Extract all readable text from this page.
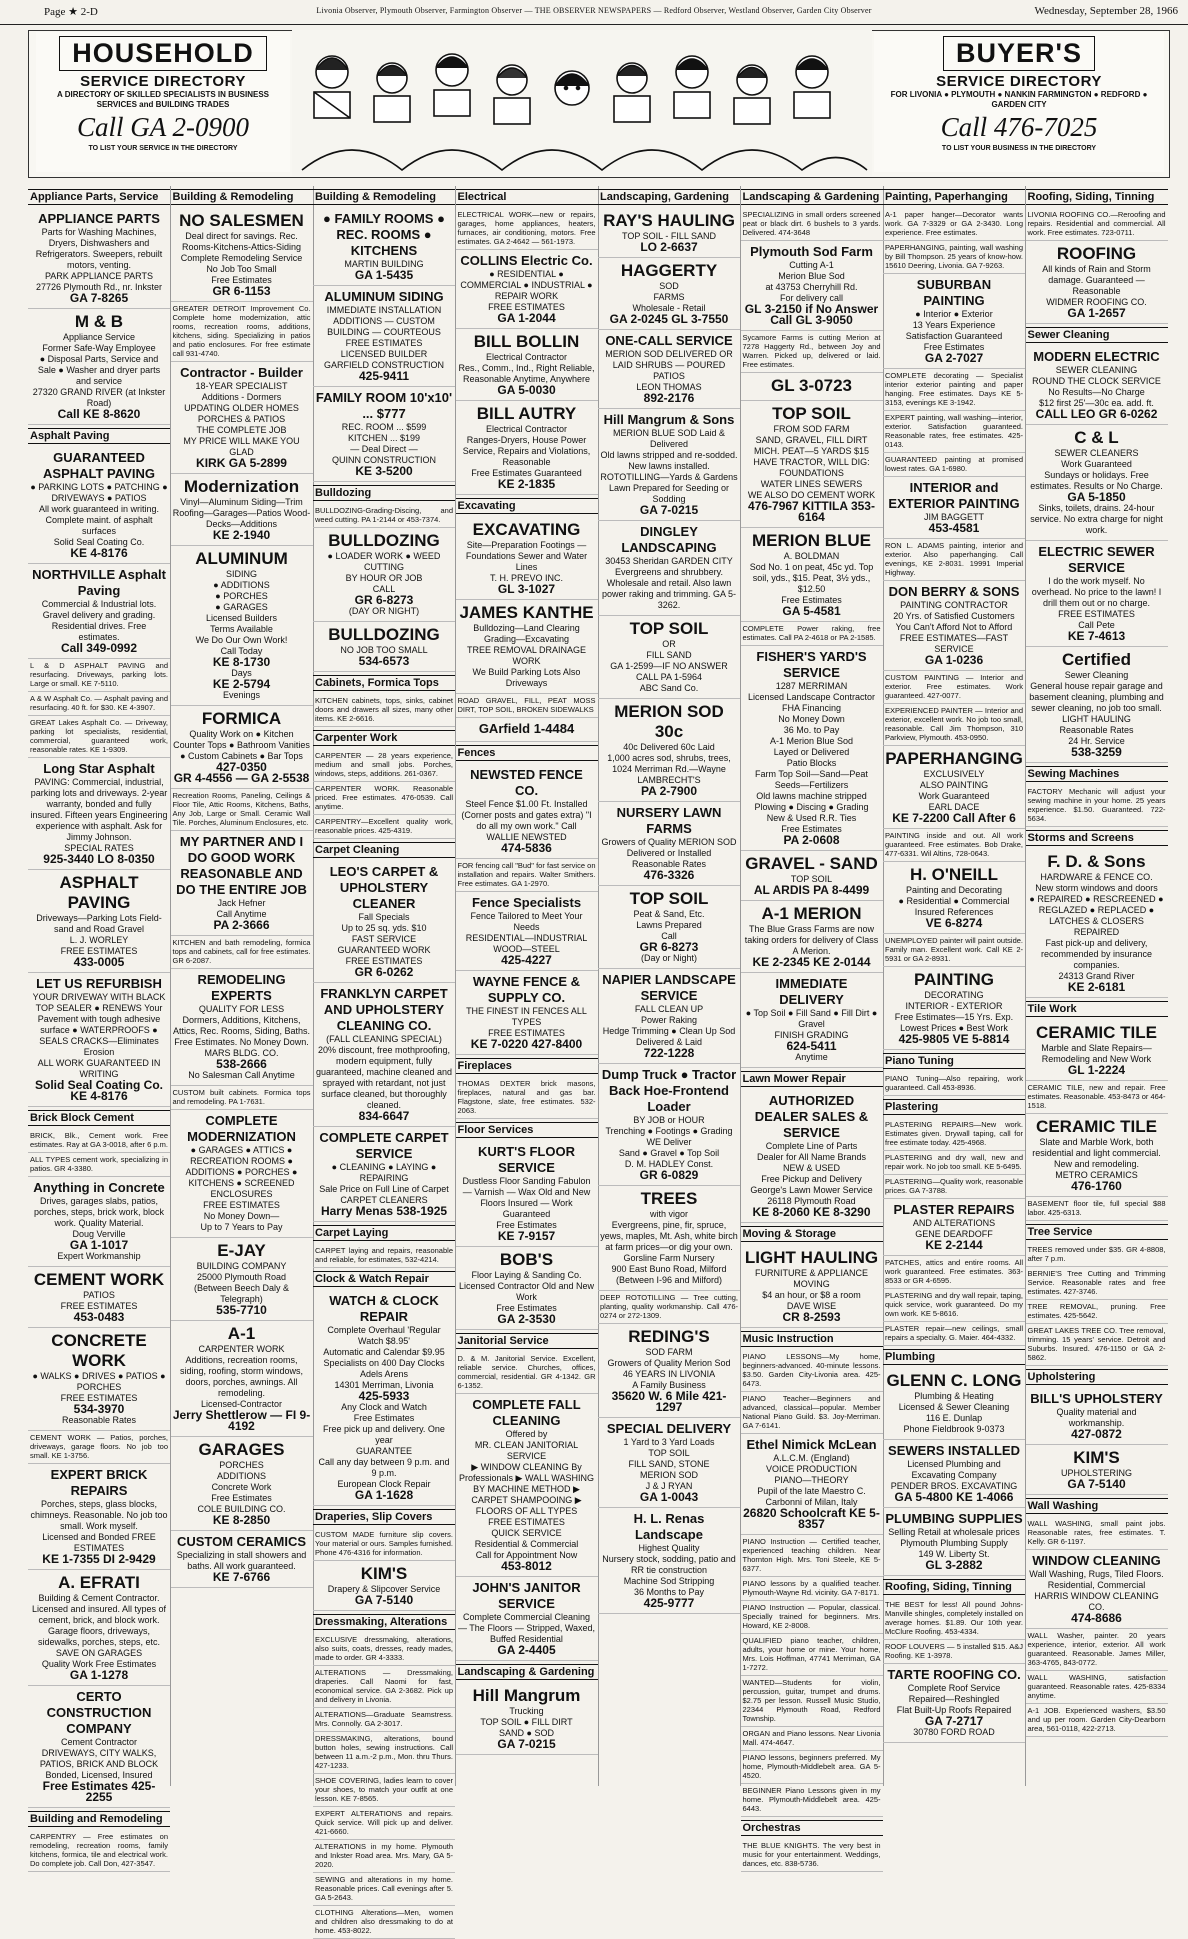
Page ★ 2-D	Livonia Observer, Plymouth Observer, Farmington Observer — THE OBSERVER NEWSPAPERS — Redford Observer, Westland Observer, Garden City Observer	Wednesday, September 28, 1966
HOUSEHOLD
SERVICE DIRECTORY
A DIRECTORY OF SKILLED SPECIALISTS IN BUSINESS SERVICES and BUILDING TRADES
Call GA 2-0900
TO LIST YOUR SERVICE IN THE DIRECTORY
BUYER'S
SERVICE DIRECTORY
FOR LIVONIA ● PLYMOUTH ● NANKIN FARMINGTON ● REDFORD ● GARDEN CITY
Call 476-7025
TO LIST YOUR BUSINESS IN THE DIRECTORY
Appliance Parts, Service
APPLIANCE PARTS
Parts for Washing Machines, Dryers, Dishwashers and Refrigerators. Sweepers, rebuilt motors, venting.
PARK APPLIANCE PARTS
27726 Plymouth Rd., nr. Inkster
GA 7-8265
M & B
Appliance Service
Former Safe-Way Employee
● Disposal Parts, Service and Sale ● Washer and dryer parts and service
27320 GRAND RIVER (at Inkster Road)
Call KE 8-8620
Asphalt Paving
GUARANTEED ASPHALT PAVING
● PARKING LOTS ● PATCHING ● DRIVEWAYS ● PATIOS
All work guaranteed in writing. Complete maint. of asphalt surfaces
Solid Seal Coating Co.
KE 4-8176
NORTHVILLE Asphalt Paving
Commercial & Industrial lots. Gravel delivery and grading. Residential drives. Free estimates.
Call 349-0992
L & D ASPHALT PAVING and resurfacing. Driveways, parking lots. Large or small. KE 7-5110.
A & W Asphalt Co. — Asphalt paving and resurfacing. 40 ft. for $30. KE 4-3907.
GREAT Lakes Asphalt Co. — Driveway, parking lot specialists, residential, commercial, guaranteed work, reasonable rates. KE 1-9309.
Long Star Asphalt
PAVING: Commercial, industrial, parking lots and driveways. 2-year warranty, bonded and fully insured. Fifteen years Engineering experience with asphalt. Ask for Jimmy Johnson.
SPECIAL RATES
925-3440 LO 8-0350
ASPHALT PAVING
Driveways—Parking Lots Field-sand and Road Gravel
L. J. WORLEY
FREE ESTIMATES
433-0005
LET US REFURBISH
YOUR DRIVEWAY WITH BLACK TOP SEALER ● RENEWS Your Pavement with tough adhesive surface ● WATERPROOFS ● SEALS CRACKS—Eliminates Erosion
ALL WORK GUARANTEED IN WRITING
Solid Seal Coating Co. KE 4-8176
Brick Block Cement
BRICK, Blk., Cement work. Free estimates. Ray at GA 3-0018, after 6 p.m.
ALL TYPES cement work, specializing in patios. GR 4-3380.
Anything in Concrete
Drives, garages slabs, patios, porches, steps, brick work, block work. Quality Material.
Doug Verville
GA 1-1017
Expert Workmanship
CEMENT WORK
PATIOS
FREE ESTIMATES
453-0483
CONCRETE WORK
● WALKS ● DRIVES ● PATIOS ● PORCHES
FREE ESTIMATES
534-3970
Reasonable Rates
CEMENT WORK — Patios, porches, driveways, garage floors. No job too small. KE 1-3756.
EXPERT BRICK REPAIRS
Porches, steps, glass blocks, chimneys. Reasonable. No job too small. Work myself.
Licensed and Bonded FREE ESTIMATES
KE 1-7355 DI 2-9429
A. EFRATI
Building & Cement Contractor. Licensed and insured. All types of cement, brick, and block work. Garage floors, driveways, sidewalks, porches, steps, etc.
SAVE ON GARAGES
Quality Work Free Estimates
GA 1-1278
CERTO CONSTRUCTION COMPANY
Cement Contractor
DRIVEWAYS, CITY WALKS, PATIOS, BRICK AND BLOCK
Bonded, Licensed, Insured
Free Estimates 425-2255
Building and Remodeling
CARPENTRY — Free estimates on remodeling, recreation rooms, family kitchens, formica, tile and electrical work. Do complete job. Call Don, 427-3547.
Building & Remodeling
NO SALESMEN
Deal direct for savings. Rec. Rooms-Kitchens-Attics-Siding
Complete Remodeling Service
No Job Too Small
Free Estimates
GR 6-1153
GREATER DETROIT Improvement Co. Complete home modernization, attic rooms, recreation rooms, additions, kitchens, siding. Specializing in patios and patio enclosures. For free estimate call 931-4740.
Contractor - Builder
18-YEAR SPECIALIST
Additions - Dormers
UPDATING OLDER HOMES PORCHES & PATIOS
THE COMPLETE JOB
MY PRICE WILL MAKE YOU GLAD
KIRK GA 5-2899
Modernization
Vinyl—Aluminum Siding—Trim Roofing—Garages—Patios Wood-Decks—Additions
KE 2-1940
ALUMINUM
SIDING
● ADDITIONS
● PORCHES
● GARAGES
Licensed Builders
Terms Available
We Do Our Own Work!
Call Today
KE 8-1730
Days
KE 2-5794
Evenings
FORMICA
Quality Work on ● Kitchen Counter Tops ● Bathroom Vanities ● Custom Cabinets ● Bar Tops
427-0350
GR 4-4556 — GA 2-5538
Recreation Rooms, Paneling, Ceilings & Floor Tile, Attic Rooms, Kitchens, Baths, Any Job, Large or Small. Ceramic Wall Tile. Porches, Aluminum Enclosures, etc.
MY PARTNER AND I DO GOOD WORK REASONABLE AND DO THE ENTIRE JOB
Jack Hefner
Call Anytime
PA 2-3666
KITCHEN and bath remodeling, formica tops and cabinets, call for free estimates. GR 6-2087.
REMODELING EXPERTS
QUALITY FOR LESS
Dormers, Additions, Kitchens, Attics, Rec. Rooms, Siding, Baths. Free Estimates. No Money Down.
MARS BLDG. CO.
538-2666
No Salesman Call Anytime
CUSTOM built cabinets. Formica tops and remodeling. PA 1-7631.
COMPLETE MODERNIZATION
● GARAGES ● ATTICS ● RECREATION ROOMS ● ADDITIONS ● PORCHES ● KITCHENS ● SCREENED ENCLOSURES
FREE ESTIMATES
No Money Down—
Up to 7 Years to Pay
E-JAY
BUILDING COMPANY
25000 Plymouth Road
(Between Beech Daly & Telegraph)
535-7710
A-1
CARPENTER WORK
Additions, recreation rooms, siding, roofing, storm windows, doors, porches, awnings. All remodeling.
Licensed-Contractor
Jerry Shettlerow — FI 9-4192
GARAGES
PORCHES
ADDITIONS
Concrete Work
Free Estimates
COLE BUILDING CO.
KE 8-2850
CUSTOM CERAMICS
Specializing in stall showers and baths. All work guaranteed.
KE 7-6766
Building & Remodeling
● FAMILY ROOMS ● REC. ROOMS ● KITCHENS
MARTIN BUILDING
GA 1-5435
ALUMINUM SIDING
IMMEDIATE INSTALLATION ADDITIONS — CUSTOM BUILDING — COURTEOUS FREE ESTIMATES
LICENSED BUILDER
GARFIELD CONSTRUCTION
425-9411
FAMILY ROOM 10'x10' ... $777
REC. ROOM ... $599
KITCHEN ... $199
— Deal Direct —
QUINN CONSTRUCTION
KE 3-5200
Bulldozing
BULLDOZING-Grading-Discing, and weed cutting. PA 1-2144 or 453-7374.
BULLDOZING
● LOADER WORK ● WEED CUTTING
BY HOUR OR JOB
CALL
GR 6-8273
(DAY OR NIGHT)
BULLDOZING
NO JOB TOO SMALL
534-6573
Cabinets, Formica Tops
KITCHEN cabinets, tops, sinks, cabinet doors and drawers all sizes, many other items. KE 2-6616.
Carpenter Work
CARPENTER — 28 years experience, medium and small jobs. Porches, windows, steps, additions. 261-0367.
CARPENTER WORK. Reasonable priced. Free estimates. 476-0539. Call anytime.
CARPENTRY—Excellent quality work, reasonable prices. 425-4319.
Carpet Cleaning
LEO'S CARPET & UPHOLSTERY CLEANER
Fall Specials
Up to 25 sq. yds. $10
FAST SERVICE
GUARANTEED WORK
FREE ESTIMATES
GR 6-0262
FRANKLYN CARPET AND UPHOLSTERY CLEANING CO.
(FALL CLEANING SPECIAL)
20% discount, free mothproofing, modern equipment, fully guaranteed, machine cleaned and sprayed with retardant, not just surface cleaned, but thoroughly cleaned.
834-6647
COMPLETE CARPET SERVICE
● CLEANING ● LAYING ● REPAIRING
Sale Price on Full Line of Carpet
CARPET CLEANERS
Harry Menas 538-1925
Carpet Laying
CARPET laying and repairs, reasonable and reliable, for estimates, 532-4214.
Clock & Watch Repair
WATCH & CLOCK REPAIR
Complete Overhaul 'Regular Watch $8.95'
Automatic and Calendar $9.95
Specialists on 400 Day Clocks
Adels Arens
14301 Merriman, Livonia
425-5933
Any Clock and Watch
Free Estimates
Free pick up and delivery. One year
GUARANTEE
Call any day between 9 p.m. and 9 p.m.
European Clock Repair
GA 1-1628
Draperies, Slip Covers
CUSTOM MADE furniture slip covers. Your material or ours. Samples furnished. Phone 476-4316 for information.
KIM'S
Drapery & Slipcover Service
GA 7-5140
Dressmaking, Alterations
EXCLUSIVE dressmaking, alterations, also suits, coats, dresses, ready mades, made to order. GR 4-3333.
ALTERATIONS — Dressmaking, draperies. Call Naomi for fast, economical service. GA 2-3682. Pick up and delivery in Livonia.
ALTERATIONS—Graduate Seamstress. Mrs. Connolly. GA 2-3017.
DRESSMAKING, alterations, bound button holes, sewing instructions. Call between 11 a.m.-2 p.m., Mon. thru Thurs. 427-1233.
SHOE COVERING, ladies learn to cover your shoes, to match your outfit at one lesson. KE 7-8565.
EXPERT ALTERATIONS and repairs. Quick service. Will pick up and deliver. 421-6660.
ALTERATIONS in my home. Plymouth and Inkster Road area. Mrs. Mary, GA 5-2020.
SEWING and alterations in my home. Reasonable prices. Call evenings after 5. GA 5-2643.
CLOTHING Alterations—Men, women and children also dressmaking to do at home. 453-8022.
Electrical
ELECTRICAL WORK—new or repairs, garages, home appliances, heaters, furnaces, air conditioning, motors. Free estimates. GA 2-4642 — 561-1973.
COLLINS Electric Co.
● RESIDENTIAL ● COMMERCIAL ● INDUSTRIAL ● REPAIR WORK
FREE ESTIMATES
GA 1-2044
BILL BOLLIN
Electrical Contractor
Res., Comm., Ind., Right Reliable, Reasonable Anytime, Anywhere
GA 5-0030
BILL AUTRY
Electrical Contractor
Ranges-Dryers, House Power Service, Repairs and Violations, Reasonable
Free Estimates Guaranteed
KE 2-1835
Excavating
EXCAVATING
Site—Preparation Footings — Foundations Sewer and Water Lines
T. H. PREVO INC.
GL 3-1027
JAMES KANTHE
Bulldozing—Land Clearing Grading—Excavating
TREE REMOVAL DRAINAGE WORK
We Build Parking Lots Also Driveways
ROAD GRAVEL, FILL, PEAT MOSS DIRT, TOP SOIL, BROKEN SIDEWALKS
GArfield 1-4484
Fences
NEWSTED FENCE CO.
Steel Fence $1.00 Ft. Installed (Corner posts and gates extra) "I do all my own work." Call
WALLIE NEWSTED
474-5836
FOR fencing call "Bud" for fast service on installation and repairs. Walter Smithers. Free estimates. GA 1-2970.
Fence Specialists
Fence Tailored to Meet Your Needs
RESIDENTIAL—INDUSTRIAL WOOD—STEEL
425-4227
WAYNE FENCE & SUPPLY CO.
THE FINEST IN FENCES ALL TYPES
FREE ESTIMATES
KE 7-0220 427-8400
Fireplaces
THOMAS DEXTER brick masons, fireplaces, natural and gas bar. Flagstone, slate, free estimates. 532-2063.
Floor Services
KURT'S FLOOR SERVICE
Dustless Floor Sanding Fabulon — Varnish — Wax Old and New Floors Insured — Work Guaranteed
Free Estimates
KE 7-9157
BOB'S
Floor Laying & Sanding Co. Licensed Contractor Old and New Work
Free Estimates
GA 2-3530
Janitorial Service
D. & M. Janitorial Service. Excellent, reliable service. Churches, offices, commercial, residential. GR 4-1342. GR 6-1352.
COMPLETE FALL CLEANING
Offered by
MR. CLEAN JANITORIAL SERVICE
▶ WINDOW CLEANING By Professionals ▶ WALL WASHING BY MACHINE METHOD ▶ CARPET SHAMPOOING ▶ FLOORS OF ALL TYPES
FREE ESTIMATES
QUICK SERVICE
Residential & Commercial
Call for Appointment Now
453-8012
JOHN'S JANITOR SERVICE
Complete Commercial Cleaning — The Floors — Stripped, Waxed, Buffed Residential
GA 2-4405
Landscaping & Gardening
Hill Mangrum
Trucking
TOP SOIL ● FILL DIRT
SAND ● SOD
GA 7-0215
Landscaping, Gardening
RAY'S HAULING
TOP SOIL - FILL SAND
LO 2-6637
HAGGERTY
SOD
FARMS
Wholesale - Retail
GA 2-0245 GL 3-7550
ONE-CALL SERVICE
MERION SOD DELIVERED OR LAID SHRUBS — POURED PATIOS
LEON THOMAS
892-2176
Hill Mangrum & Sons
MERION BLUE SOD Laid & Delivered
Old lawns stripped and re-sodded. New lawns installed.
ROTOTILLING—Yards & Gardens
Lawn Prepared for Seeding or Sodding
GA 7-0215
DINGLEY LANDSCAPING
30453 Sheridan GARDEN CITY
Evergreens and shrubbery. Wholesale and retail. Also lawn power raking and trimming. GA 5-3262.
TOP SOIL
OR
FILL SAND
GA 1-2599—IF NO ANSWER CALL PA 1-5964
ABC Sand Co.
MERION SOD 30c
40c Delivered 60c Laid
1,000 acres sod, shrubs, trees, 1024 Merriman Rd.—Wayne
LAMBRECHT'S
PA 2-7900
NURSERY LAWN FARMS
Growers of Quality MERION SOD
Delivered or Installed
Reasonable Rates
476-3326
TOP SOIL
Peat & Sand, Etc.
Lawns Prepared
Call
GR 6-8273
(Day or Night)
NAPIER LANDSCAPE SERVICE
FALL CLEAN UP
Power Raking
Hedge Trimming ● Clean Up Sod Delivered & Laid
722-1228
Dump Truck ● Tractor Back Hoe-Frontend Loader
BY JOB or HOUR
Trenching ● Footings ● Grading
WE Deliver
Sand ● Gravel ● Top Soil
D. M. HADLEY Const.
GR 6-0829
TREES
with vigor
Evergreens, pine, fir, spruce, yews, maples, Mt. Ash, white birch at farm prices—or dig your own.
Gorsline Farm Nursery
900 East Buno Road, Milford (Between I-96 and Milford)
DEEP ROTOTILLING — Tree cutting, planting, quality workmanship. Call 476-0274 or 272-1309.
REDING'S
SOD FARM
Growers of Quality Merion Sod
46 YEARS IN LIVONIA
A Family Business
35620 W. 6 Mile 421-1297
SPECIAL DELIVERY
1 Yard to 3 Yard Loads
TOP SOIL
FILL SAND, STONE
MERION SOD
J & J RYAN
GA 1-0043
H. L. Renas Landscape
Highest Quality
Nursery stock, sodding, patio and RR tie construction
Machine Sod Stripping
36 Months to Pay
425-9777
Landscaping & Gardening
SPECIALIZING in small orders screened peat or black dirt. 6 bushels to 3 yards. Delivered. 474-3648
Plymouth Sod Farm
Cutting A-1
Merion Blue Sod
at 43753 Cherryhill Rd.
For delivery call
GL 3-2150 if No Answer
Call GL 3-9050
Sycamore Farms is cutting Merion at 7278 Haggerty Rd., between Joy and Warren. Picked up, delivered or laid. Free estimates.
GL 3-0723
TOP SOIL
FROM SOD FARM
SAND, GRAVEL, FILL DIRT
MICH. PEAT—5 YARDS $15
HAVE TRACTOR, WILL DIG:
FOUNDATIONS
WATER LINES SEWERS
WE ALSO DO CEMENT WORK
476-7967 KITTILA 353-6164
MERION BLUE
A. BOLDMAN
Sod No. 1 on peat, 45c yd. Top soil, yds., $15. Peat, 3½ yds., $12.50
Free Estimates
GA 5-4581
COMPLETE Power raking, free estimates. Call PA 2-4618 or PA 2-1585.
FISHER'S YARD'S SERVICE
1287 MERRIMAN
Licensed Landscape Contractor
FHA Financing
No Money Down
36 Mo. to Pay
A-1 Merion Blue Sod
Layed or Delivered
Patio Blocks
Farm Top Soil—Sand—Peat
Seeds—Fertilizers
Old lawns machine stripped
Plowing ● Discing ● Grading
New & Used R.R. Ties
Free Estimates
PA 2-0608
GRAVEL - SAND
TOP SOIL
AL ARDIS PA 8-4499
A-1 MERION
The Blue Grass Farms are now taking orders for delivery of Class A Merion.
KE 2-2345 KE 2-0144
IMMEDIATE DELIVERY
● Top Soil ● Fill Sand ● Fill Dirt ● Gravel
FINISH GRADING
624-5411
Anytime
Lawn Mower Repair
AUTHORIZED DEALER SALES & SERVICE
Complete Line of Parts
Dealer for All Name Brands
NEW & USED
Free Pickup and Delivery
George's Lawn Mower Service
26118 Plymouth Road
KE 8-2060 KE 8-3290
Moving & Storage
LIGHT HAULING
FURNITURE & APPLIANCE MOVING
$4 an hour, or $8 a room
DAVE WISE
CR 8-2593
Music Instruction
PIANO LESSONS—My home, beginners-advanced. 40-minute lessons. $3.50. Garden City-Livonia area. 425-6473.
PIANO Teacher—Beginners and advanced, classical—popular. Member National Piano Guild. $3. Joy-Merriman. GA 7-6141.
Ethel Nimick McLean
A.L.C.M. (England)
VOICE PRODUCTION
PIANO—THEORY
Pupil of the late Maestro C. Carbonni of Milan, Italy
26820 Schoolcraft KE 5-8357
PIANO Instruction — Certified teacher, experienced teaching children. Near Thornton High. Mrs. Toni Steele, KE 5-6377.
PIANO lessons by a qualified teacher. Plymouth-Wayne Rd. vicinity. GA 7-8171.
PIANO Instruction — Popular, classical. Specially trained for beginners. Mrs. Howard, KE 2-8008.
QUALIFIED piano teacher, children, adults, your home or mine. Your home, Mrs. Lois Hoffman, 47741 Merriman, GA 1-7272.
WANTED—Students for violin, percussion, guitar, trumpet and drums. $2.75 per lesson. Russell Music Studio, 22344 Plymouth Road, Redford Township.
ORGAN and Piano lessons. Near Livonia Mall. 474-4647.
PIANO lessons, beginners preferred. My home, Plymouth-Middlebelt area. GA 5-4520.
BEGINNER Piano Lessons given in my home. Plymouth-Middlebelt area. 425-6443.
Orchestras
THE BLUE KNIGHTS. The very best in music for your entertainment. Weddings, dances, etc. 838-5736.
Painting, Paperhanging
A-1 paper hanger—Decorator wants work. GA 7-3329 or GA 2-3430. Long experience. Free estimates.
PAPERHANGING, painting, wall washing by Bill Thompson. 25 years of know-how. 15610 Deering, Livonia. GA 7-9263.
SUBURBAN PAINTING
● Interior ● Exterior
13 Years Experience
Satisfaction Guaranteed
Free Estimates
GA 2-7027
COMPLETE decorating — Specialist interior exterior painting and paper hanging. Free estimates. Days KE 5-3153, evenings KE 3-1942.
EXPERT painting, wall washing—interior, exterior. Satisfaction guaranteed. Reasonable rates, free estimates. 425-0143.
GUARANTEED painting at promised lowest rates. GA 1-6980.
INTERIOR and EXTERIOR PAINTING
JIM BAGGETT
453-4581
RON L. ADAMS painting, interior and exterior. Also paperhanging. Call evenings, KE 2-8031. 19991 Imperial Highway.
DON BERRY & SONS
PAINTING CONTRACTOR
20 Yrs. of Satisfied Customers
You Can't Afford Not to Afford
FREE ESTIMATES—FAST SERVICE
GA 1-0236
CUSTOM PAINTING — Interior and exterior. Free estimates. Work guaranteed. 427-0077.
EXPERIENCED PAINTER — Interior and exterior, excellent work. No job too small, reasonable. Call Jim Thompson, 310 Parkview, Plymouth. 453-0950.
PAPERHANGING
EXCLUSIVELY
ALSO PAINTING
Work Guaranteed
EARL DACE
KE 7-2200 Call After 6
PAINTING inside and out. All work guaranteed. Free estimates. Bob Drake, 477-6331. Wil Altins, 728-0643.
H. O'NEILL
Painting and Decorating
● Residential ● Commercial
Insured References
VE 6-8274
UNEMPLOYED painter will paint outside. Family man. Excellent work. Call KE 2-5931 or GA 2-8931.
PAINTING
DECORATING
INTERIOR - EXTERIOR
Free Estimates—15 Yrs. Exp.
Lowest Prices ● Best Work
425-9805 VE 5-8814
Piano Tuning
PIANO Tuning—Also repairing, work guaranteed. Call 453-8936.
Plastering
PLASTERING REPAIRS—New work. Estimates given. Drywall taping, call for free estimate today. 425-4968.
PLASTERING and dry wall, new and repair work. No job too small. KE 5-6495.
PLASTERING—Quality work, reasonable prices. GA 7-3788.
PLASTER REPAIRS
AND ALTERATIONS
GENE DEARDOFF
KE 2-2144
PATCHES, attics and entire rooms. All work guaranteed. Free estimates. 363-8533 or GR 4-6595.
PLASTERING and dry wall repair, taping, quick service, work guaranteed. Do my own work. KE 5-8616.
PLASTER repair—new ceilings, small repairs a specialty. G. Maier. 464-4332.
Plumbing
GLENN C. LONG
Plumbing & Heating
Licensed & Sewer Cleaning
116 E. Dunlap
Phone Fieldbrook 9-0373
SEWERS INSTALLED
Licensed Plumbing and Excavating Company
PENDER BROS. EXCAVATING
GA 5-4800 KE 1-4066
PLUMBING SUPPLIES
Selling Retail at wholesale prices
Plymouth Plumbing Supply
149 W. Liberty St.
GL 3-2882
Roofing, Siding, Tinning
THE BEST for less! All pound Johns-Manville shingles, completely installed on average homes. $1.89. Our 10th year. McClure Roofing. 453-4334.
ROOF LOUVERS — 5 installed $15. A&J Roofing. KE 1-3978.
TARTE ROOFING CO.
Complete Roof Service
Repaired—Reshingled
Flat Built-Up Roofs Repaired
GA 7-2717
30780 FORD ROAD
Roofing, Siding, Tinning
LIVONIA ROOFING CO.—Reroofing and repairs. Residential and commercial. All work. Free estimates. 723-0711.
ROOFING
All kinds of Rain and Storm damage. Guaranteed — Reasonable
WIDMER ROOFING CO.
GA 1-2657
Sewer Cleaning
MODERN ELECTRIC
SEWER CLEANING
ROUND THE CLOCK SERVICE
No Results—No Charge
$12 first 25'—30c ea. add. ft.
CALL LEO GR 6-0262
C & L
SEWER CLEANERS
Work Guaranteed
Sundays or holidays. Free estimates. Results or No Charge.
GA 5-1850
Sinks, toilets, drains. 24-hour service. No extra charge for night work.
ELECTRIC SEWER SERVICE
I do the work myself. No overhead. No price to the lawn! I drill them out or no charge.
FREE ESTIMATES
Call Pete
KE 7-4613
Certified
Sewer Cleaning
General house repair garage and basement cleaning, plumbing and sewer cleaning, no job too small.
LIGHT HAULING
Reasonable Rates
24 Hr. Service
538-3259
Sewing Machines
FACTORY Mechanic will adjust your sewing machine in your home. 25 years experience. $1.50. Guaranteed. 722-5634.
Storms and Screens
F. D. & Sons
HARDWARE & FENCE CO.
New storm windows and doors
● REPAIRED ● RESCREENED ● REGLAZED ● REPLACED ● LATCHES & CLOSERS REPAIRED
Fast pick-up and delivery, recommended by insurance companies.
24313 Grand River
KE 2-6181
Tile Work
CERAMIC TILE
Marble and Slate Repairs—Remodeling and New Work
GL 1-2224
CERAMIC TILE, new and repair. Free estimates. Reasonable. 453-8473 or 464-1518.
CERAMIC TILE
Slate and Marble Work, both residential and light commercial. New and remodeling.
METRO CERAMICS
476-1760
BASEMENT floor tile, full special $88 labor. 425-6313.
Tree Service
TREES removed under $35. GR 4-8808, after 7 p.m.
BERNIE'S Tree Cutting and Trimming Service. Reasonable rates and free estimates. 427-3746.
TREE REMOVAL, pruning. Free estimates. 425-5642.
GREAT LAKES TREE CO. Tree removal, trimming. 15 years' service. Detroit and Suburbs. Insured. 476-1150 or GA 2-5862.
Upholstering
BILL'S UPHOLSTERY
Quality material and workmanship.
427-0872
KIM'S
UPHOLSTERING
GA 7-5140
Wall Washing
WALL WASHING, small paint jobs. Reasonable rates, free estimates. T. Kelly. GR 6-1197.
WINDOW CLEANING
Wall Washing, Rugs, Tiled Floors. Residential, Commercial
HARRIS WINDOW CLEANING CO.
474-8686
WALL Washer, painter. 20 years experience, interior, exterior. All work guaranteed. Reasonable. James Miller, 363-4765, 843-0772.
WALL WASHING, satisfaction guaranteed. Reasonable rates. 425-8334 anytime.
A-1 JOB. Experienced washers, $3.50 and up per room. Garden City-Dearborn area, 561-0118, 422-2713.
